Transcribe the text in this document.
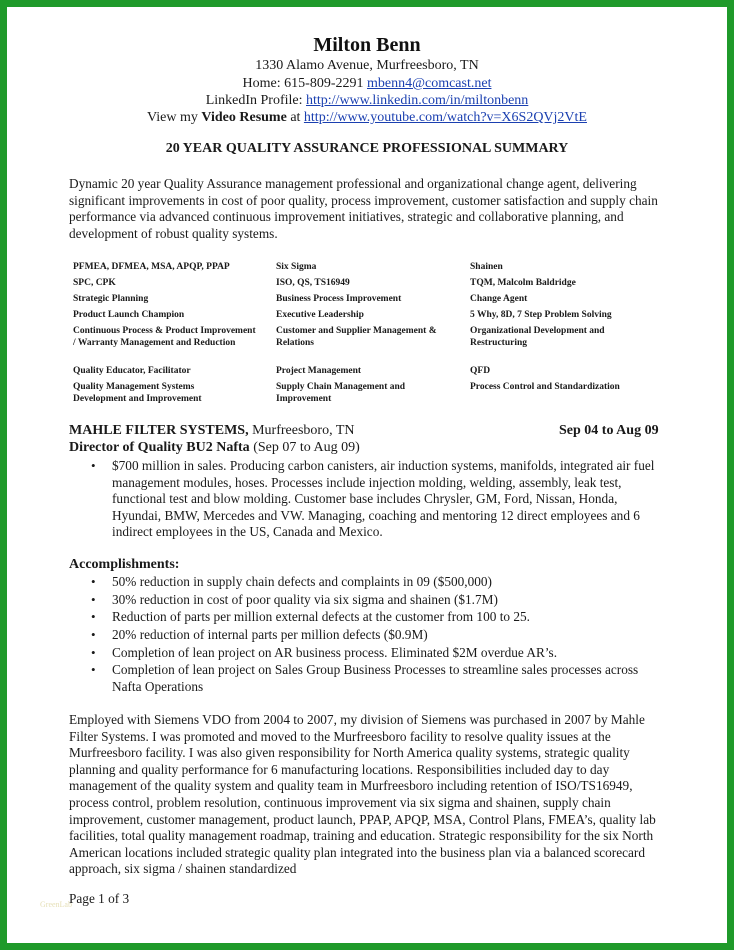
Milton Benn
1330 Alamo Avenue, Murfreesboro, TN
Home: 615-809-2291 mbenn4@comcast.net
LinkedIn Profile: http://www.linkedin.com/in/miltonbenn
View my Video Resume at http://www.youtube.com/watch?v=X6S2QVj2VtE
20 YEAR QUALITY ASSURANCE PROFESSIONAL SUMMARY

Dynamic 20 year Quality Assurance management professional and organizational change agent, delivering significant improvements in cost of poor quality, process improvement, customer satisfaction and supply chain performance via advanced continuous improvement initiatives, strategic and collaborative planning, and development of robust quality systems.

PFMEA, DFMEA, MSA, APQP, PPAP
SPC, CPK
Strategic Planning
Product Launch Champion
Continuous Process & Product Improvement / Warranty Management and Reduction
Quality Educator, Facilitator
Quality Management Systems Development and Improvement
Six Sigma
ISO, QS, TS16949
Business Process Improvement
Executive Leadership
Customer and Supplier Management & Relations
Project Management
Supply Chain Management and Improvement
Shainen
TQM, Malcolm Baldridge
Change Agent
5 Why, 8D, 7 Step Problem Solving
Organizational Development and Restructuring
QFD
Process Control and Standardization
MAHLE FILTER SYSTEMS, Murfreesboro, TN	Sep 04 to Aug 09
Director of Quality BU2 Nafta (Sep 07 to Aug 09)
• $700 million in sales. Producing carbon canisters, air induction systems, manifolds, integrated air fuel management modules, hoses. Processes include injection molding, welding, assembly, leak test, functional test and blow molding. Customer base includes Chrysler, GM, Ford, Nissan, Honda, Hyundai, BMW, Mercedes and VW. Managing, coaching and mentoring 12 direct employees and 6 indirect employees in the US, Canada and Mexico.
Accomplishments:
• 50% reduction in supply chain defects and complaints in 09 ($500,000)
• 30% reduction in cost of poor quality via six sigma and shainen ($1.7M)
• Reduction of parts per million external defects at the customer from 100 to 25.
• 20% reduction of internal parts per million defects ($0.9M)
• Completion of lean project on AR business process. Eliminated $2M overdue AR’s.
• Completion of lean project on Sales Group Business Processes to streamline sales processes across Nafta Operations

Employed with Siemens VDO from 2004 to 2007, my division of Siemens was purchased in 2007 by Mahle Filter Systems. I was promoted and moved to the Murfreesboro facility to resolve quality issues at the Murfreesboro facility. I was also given responsibility for North America quality systems, strategic quality planning and quality performance for 6 manufacturing locations. Responsibilities included day to day management of the quality system and quality team in Murfreesboro including retention of ISO/TS16949, process control, problem resolution, continuous improvement via six sigma and shainen, supply chain improvement, customer management, product launch, PPAP, APQP, MSA, Control Plans, FMEA’s, quality lab facilities, total quality management roadmap, training and education. Strategic responsibility for the six North American locations included strategic quality plan integrated into the business plan via a balanced scorecard approach, six sigma / shainen standardized

Page 1 of 3
GreenLab
